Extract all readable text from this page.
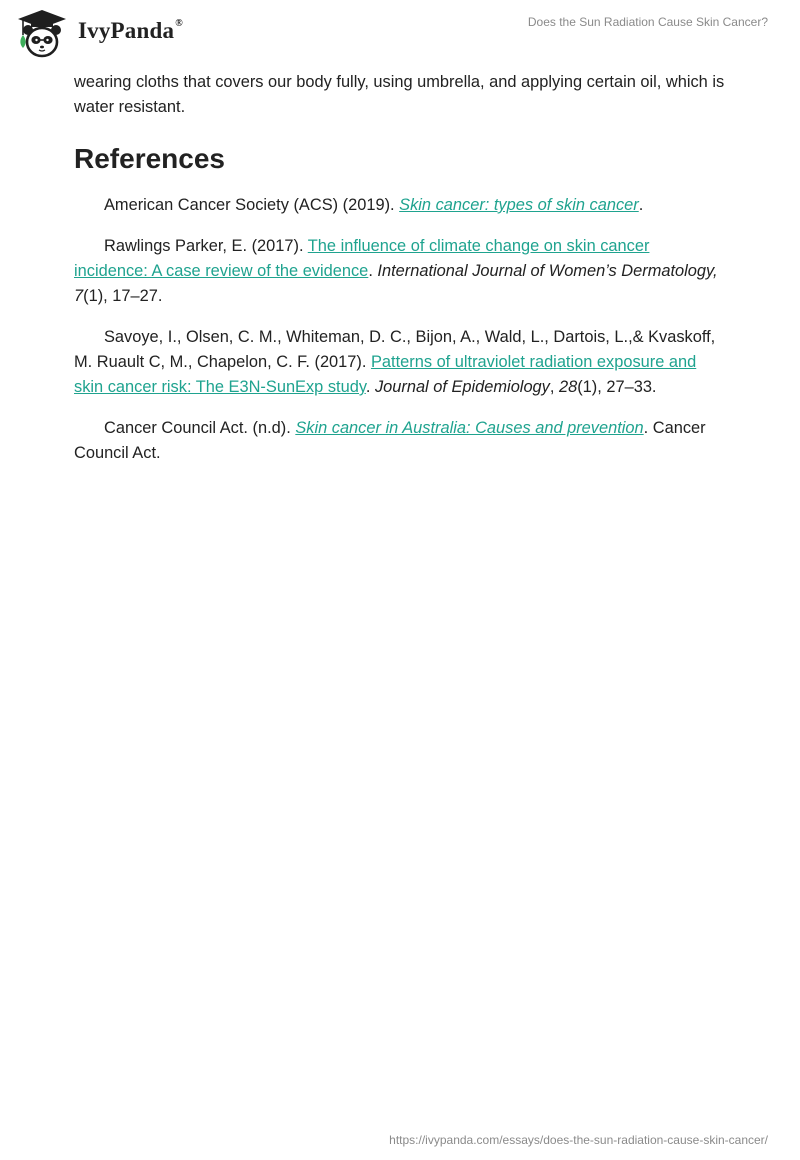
IvyPanda®	Does the Sun Radiation Cause Skin Cancer?

wearing cloths that covers our body fully, using umbrella, and applying certain oil, which is water resistant.

References

American Cancer Society (ACS) (2019). Skin cancer: types of skin cancer.

Rawlings Parker, E. (2017). The influence of climate change on skin cancer incidence: A case review of the evidence. International Journal of Women’s Dermatology, 7(1), 17–27.

Savoye, I., Olsen, C. M., Whiteman, D. C., Bijon, A., Wald, L., Dartois, L.,& Kvaskoff, M. Ruault C, M., Chapelon, C. F. (2017). Patterns of ultraviolet radiation exposure and skin cancer risk: The E3N-SunExp study. Journal of Epidemiology, 28(1), 27–33.

Cancer Council Act. (n.d). Skin cancer in Australia: Causes and prevention. Cancer Council Act.

https://ivypanda.com/essays/does-the-sun-radiation-cause-skin-cancer/
